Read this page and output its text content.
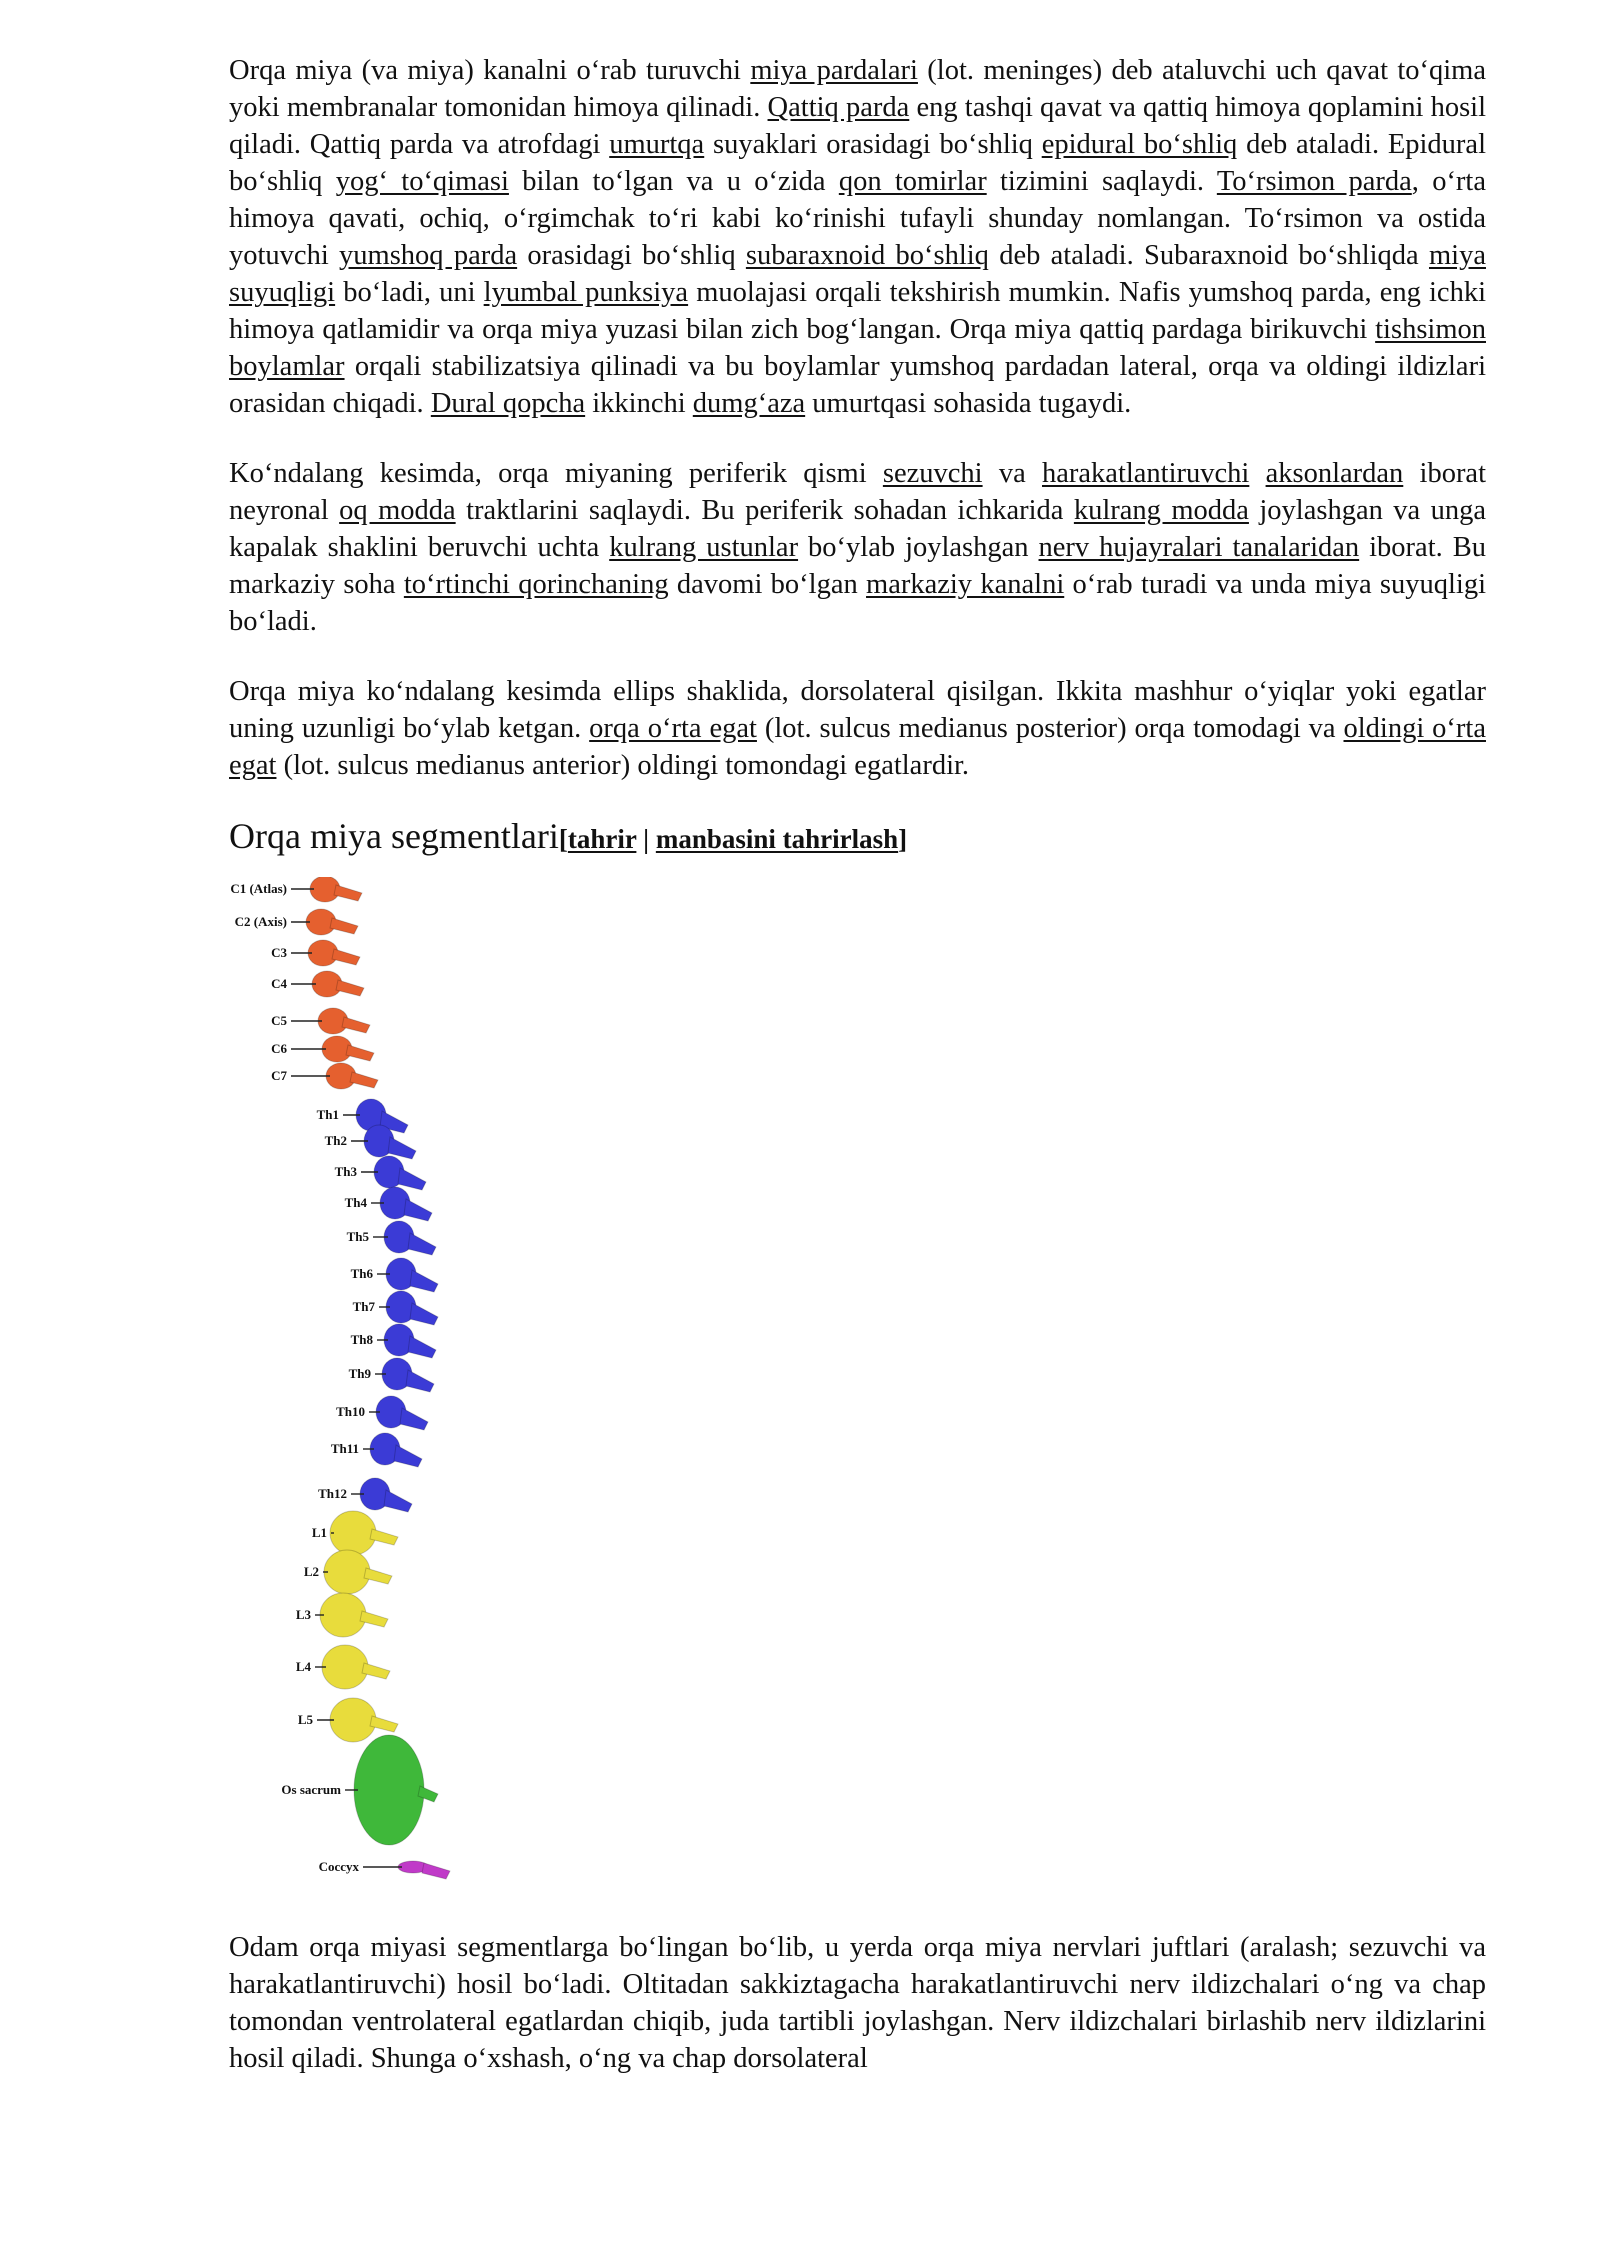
Orqa miya (va miya) kanalni o‘rab turuvchi miya pardalari (lot. meninges) deb ataluvchi uch qavat to‘qima yoki membranalar tomonidan himoya qilinadi. Qattiq parda eng tashqi qavat va qattiq himoya qoplamini hosil qiladi. Qattiq parda va atrofdagi umurtqa suyaklari orasidagi bo‘shliq epidural bo‘shliq deb ataladi. Epidural bo‘shliq yog‘ to‘qimasi bilan to‘lgan va u o‘zida qon tomirlar tizimini saqlaydi. To‘rsimon parda, o‘rta himoya qavati, ochiq, o‘rgimchak to‘ri kabi ko‘rinishi tufayli shunday nomlangan. To‘rsimon va ostida yotuvchi yumshoq parda orasidagi bo‘shliq subaraxnoid bo‘shliq deb ataladi. Subaraxnoid bo‘shliqda miya suyuqligi bo‘ladi, uni lyumbal punksiya muolajasi orqali tekshirish mumkin. Nafis yumshoq parda, eng ichki himoya qatlamidir va orqa miya yuzasi bilan zich bog‘langan. Orqa miya qattiq pardaga birikuvchi tishsimon boylamlar orqali stabilizatsiya qilinadi va bu boylamlar yumshoq pardadan lateral, orqa va oldingi ildizlari orasidan chiqadi. Dural qopcha ikkinchi dumg‘aza umurtqasi sohasida tugaydi.

Ko‘ndalang kesimda, orqa miyaning periferik qismi sezuvchi va harakatlantiruvchi aksonlardan iborat neyronal oq modda traktlarini saqlaydi. Bu periferik sohadan ichkarida kulrang modda joylashgan va unga kapalak shaklini beruvchi uchta kulrang ustunlar bo‘ylab joylashgan nerv hujayralari tanalaridan iborat. Bu markaziy soha to‘rtinchi qorinchaning davomi bo‘lgan markaziy kanalni o‘rab turadi va unda miya suyuqligi bo‘ladi.

Orqa miya ko‘ndalang kesimda ellips shaklida, dorsolateral qisilgan. Ikkita mashhur o‘yiqlar yoki egatlar uning uzunligi bo‘ylab ketgan. orqa o‘rta egat (lot. sulcus medianus posterior) orqa tomodagi va oldingi o‘rta egat (lot. sulcus medianus anterior) oldingi tomondagi egatlardir.

Orqa miya segmentlari[tahrir | manbasini tahrirlash]
C1 (Atlas)
C2 (Axis)
C3
C4
C5
C6
C7
Th1
Th2
Th3
Th4
Th5
Th6
Th7
Th8
Th9
Th10
Th11
Th12
L1
L2
L3
L4
L5
Os sacrum
Coccyx

Odam orqa miyasi segmentlarga bo‘lingan bo‘lib, u yerda orqa miya nervlari juftlari (aralash; sezuvchi va harakatlantiruvchi) hosil bo‘ladi. Oltitadan sakkiztagacha harakatlantiruvchi nerv ildizchalari o‘ng va chap tomondan ventrolateral egatlardan chiqib, juda tartibli joylashgan. Nerv ildizchalari birlashib nerv ildizlarini hosil qiladi. Shunga o‘xshash, o‘ng va chap dorsolateral
